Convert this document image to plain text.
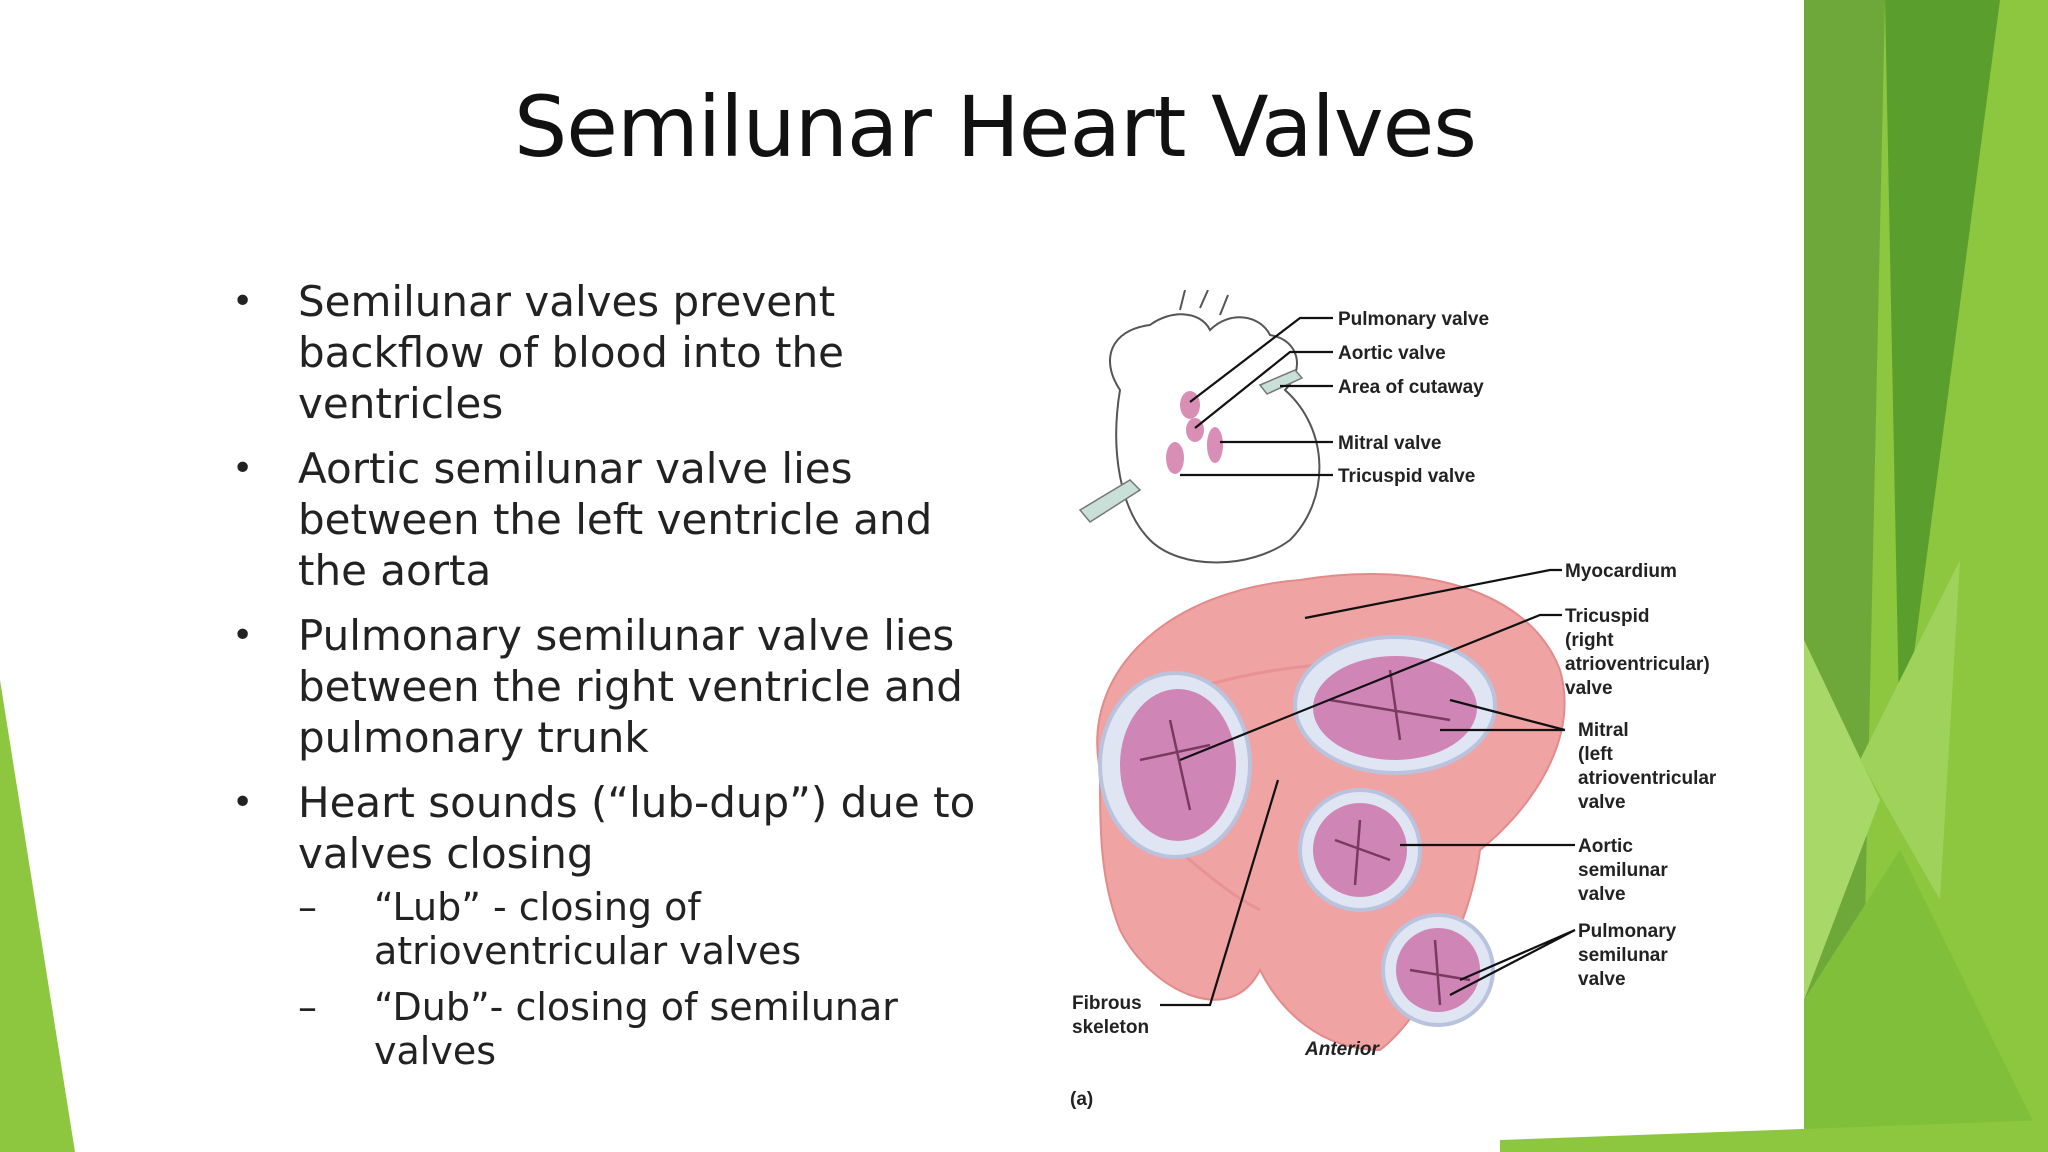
Semilunar Heart Valves
• Semilunar valves prevent backflow of blood into the ventricles
• Aortic semilunar valve lies between the left ventricle and the aorta
• Pulmonary semilunar valve lies between the right ventricle and pulmonary trunk
• Heart sounds (“lub-dup”) due to valves closing
– “Lub” - closing of atrioventricular valves
– “Dub”- closing of semilunar valves
Pulmonary valve
Aortic valve
Area of cutaway
Mitral valve
Tricuspid valve
Myocardium
Tricuspid (right atrioventricular) valve
Mitral (left atrioventricular valve
Aortic semilunar valve
Pulmonary semilunar valve
Fibrous skeleton
Anterior
(a)
